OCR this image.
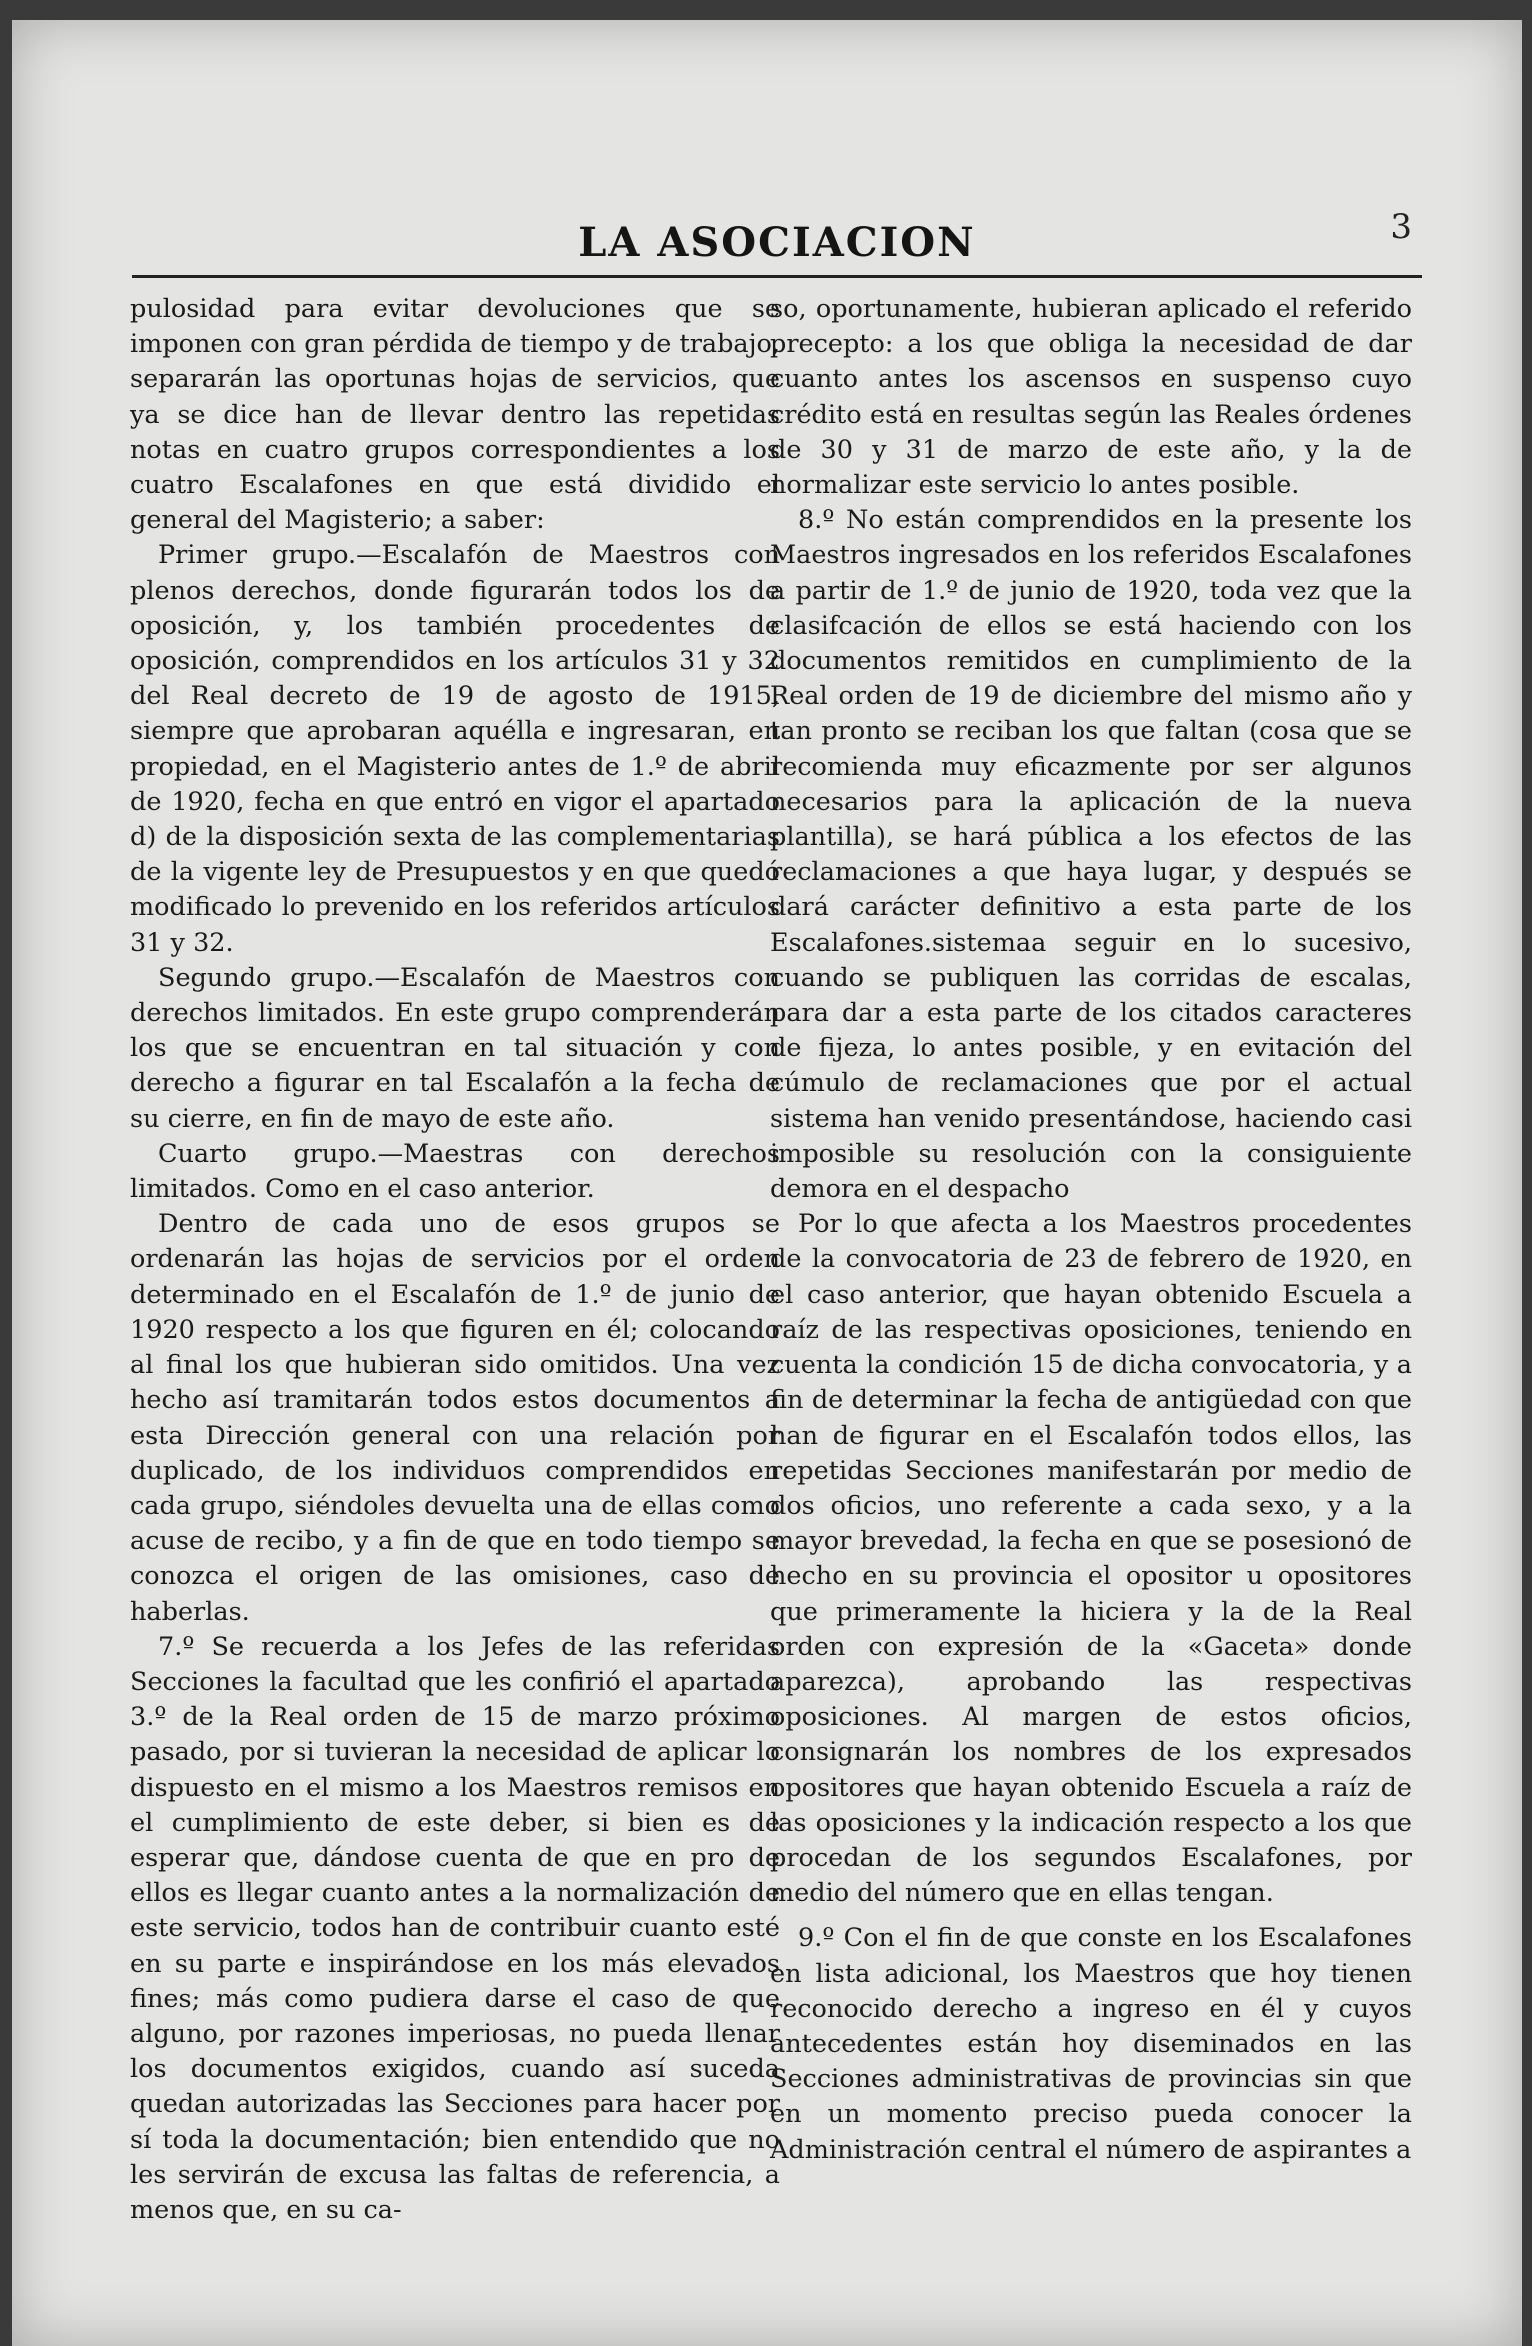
LA ASOCIACION	3

pulosidad para evitar devoluciones que se imponen con gran pérdida de tiempo y de trabajo, separarán las oportunas hojas de servicios, que ya se dice han de llevar dentro las repetidas notas en cuatro grupos correspondientes a los cuatro Escalafones en que está dividido el general del Magisterio; a saber:

Primer grupo.—Escalafón de Maestros con plenos derechos, donde figurarán todos los de oposición, y, los también procedentes de oposición, comprendidos en los artículos 31 y 32 del Real decreto de 19 de agosto de 1915, siempre que aprobaran aquélla e ingresaran, en propiedad, en el Magisterio antes de 1.º de abril de 1920, fecha en que entró en vigor el apartado d) de la disposición sexta de las complementarias de la vigente ley de Presupuestos y en que quedó modificado lo prevenido en los referidos artículos 31 y 32.

Segundo grupo.—Escalafón de Maestros con derechos limitados. En este grupo comprenderán los que se encuentran en tal situación y con derecho a figurar en tal Escalafón a la fecha de su cierre, en fin de mayo de este año.

Cuarto grupo.—Maestras con derechos limitados. Como en el caso anterior.

Dentro de cada uno de esos grupos se ordenarán las hojas de servicios por el orden determinado en el Escalafón de 1.º de junio de 1920 respecto a los que figuren en él; colocando al final los que hubieran sido omitidos. Una vez hecho así tramitarán todos estos documentos a esta Dirección general con una relación por duplicado, de los individuos comprendidos en cada grupo, siéndoles devuelta una de ellas como acuse de recibo, y a fin de que en todo tiempo se conozca el origen de las omisiones, caso de haberlas.

7.º Se recuerda a los Jefes de las referidas Secciones la facultad que les confirió el apartado 3.º de la Real orden de 15 de marzo próximo pasado, por si tuvieran la necesidad de aplicar lo dispuesto en el mismo a los Maestros remisos en el cumplimiento de este deber, si bien es de esperar que, dándose cuenta de que en pro de ellos es llegar cuanto antes a la normalización de este servicio, todos han de contribuir cuanto esté en su parte e inspirándose en los más elevados fines; más como pudiera darse el caso de que alguno, por razones imperiosas, no pueda llenar los documentos exigidos, cuando así suceda quedan autorizadas las Secciones para hacer por sí toda la documentación; bien entendido que no les servirán de excusa las faltas de referencia, a menos que, en su ca-

so, oportunamente, hubieran aplicado el referido precepto: a los que obliga la necesidad de dar cuanto antes los ascensos en suspenso cuyo crédito está en resultas según las Reales órdenes de 30 y 31 de marzo de este año, y la de normalizar este servicio lo antes posible.

8.º No están comprendidos en la presente los Maestros ingresados en los referidos Escalafones a partir de 1.º de junio de 1920, toda vez que la clasifcación de ellos se está haciendo con los documentos remitidos en cumplimiento de la Real orden de 19 de diciembre del mismo año y tan pronto se reciban los que faltan (cosa que se recomienda muy eficazmente por ser algunos necesarios para la aplicación de la nueva plantilla), se hará pública a los efectos de las reclamaciones a que haya lugar, y después se dará carácter definitivo a esta parte de los Escalafones.sistemaa seguir en lo sucesivo, cuando se publiquen las corridas de escalas, para dar a esta parte de los citados caracteres de fijeza, lo antes posible, y en evitación del cúmulo de reclamaciones que por el actual sistema han venido presentándose, haciendo casi imposible su resolución con la consiguiente demora en el despacho

Por lo que afecta a los Maestros procedentes de la convocatoria de 23 de febrero de 1920, en el caso anterior, que hayan obtenido Escuela a raíz de las respectivas oposiciones, teniendo en cuenta la condición 15 de dicha convocatoria, y a fin de determinar la fecha de antigüedad con que han de figurar en el Escalafón todos ellos, las repetidas Secciones manifestarán por medio de dos oficios, uno referente a cada sexo, y a la mayor brevedad, la fecha en que se posesionó de hecho en su provincia el opositor u opositores que primeramente la hiciera y la de la Real orden con expresión de la «Gaceta» donde aparezca), aprobando las respectivas oposiciones. Al margen de estos oficios, consignarán los nombres de los expresados opositores que hayan obtenido Escuela a raíz de las oposiciones y la indicación respecto a los que procedan de los segundos Escalafones, por medio del número que en ellas tengan.

9.º Con el fin de que conste en los Escalafones en lista adicional, los Maestros que hoy tienen reconocido derecho a ingreso en él y cuyos antecedentes están hoy diseminados en las Secciones administrativas de provincias sin que en un momento preciso pueda conocer la Administración central el número de aspirantes a
